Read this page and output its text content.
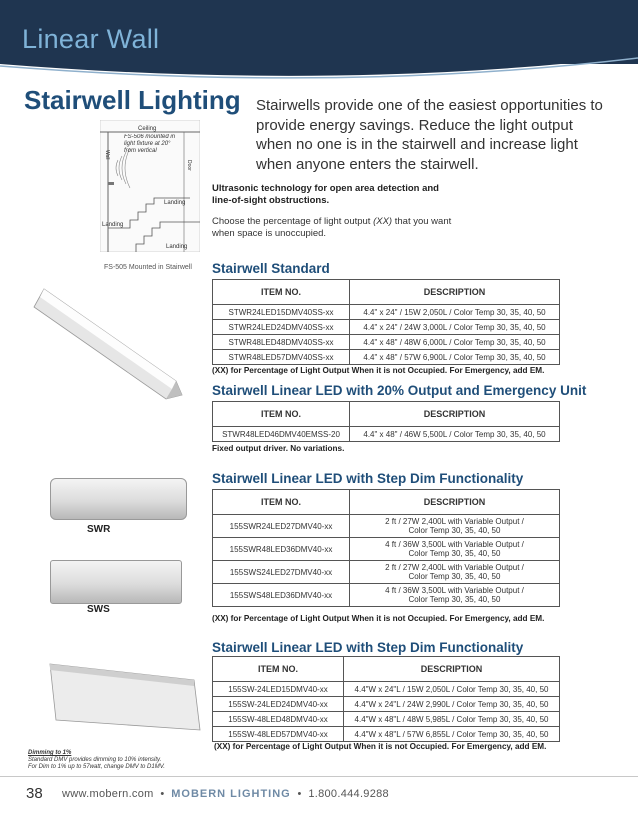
Linear Wall
Stairwell Lighting Stairwells provide one of the easiest opportunities to provide energy savings. Reduce the light output when no one is in the stairwell and increase light when anyone enters the stairwell.
Ultrasonic technology for open area detection and line-of-sight obstructions.
Choose the percentage of light output (XX) that you want when space is unoccupied.
Ceiling
Wall
Door
FS-506 mounted in light fixture at 20° from vertical
Landing
Landing
Landing
FS-505 Mounted in Stairwell
SWR
SWS
Stairwell Standard
ITEM NO.	DESCRIPTION
STWR24LED15DMV40SS-xx	4.4" x 24" / 15W 2,050L / Color Temp 30, 35, 40, 50
STWR24LED24DMV40SS-xx	4.4" x 24" / 24W 3,000L / Color Temp 30, 35, 40, 50
STWR48LED48DMV40SS-xx	4.4" x 48" / 48W 6,000L / Color Temp 30, 35, 40, 50
STWR48LED57DMV40SS-xx	4.4" x 48" / 57W 6,900L / Color Temp 30, 35, 40, 50
(XX) for Percentage of Light Output When it is not Occupied. For Emergency, add EM.
Stairwell Linear LED with 20% Output and Emergency Unit
ITEM NO.	DESCRIPTION
STWR48LED46DMV40EMSS-20	4.4" x 48" / 46W 5,500L / Color Temp 30, 35, 40, 50
Fixed output driver. No variations.
Stairwell Linear LED with Step Dim Functionality
ITEM NO.	DESCRIPTION
155SWR24LED27DMV40-xx	2 ft / 27W 2,400L with Variable Output /
Color Temp 30, 35, 40, 50

155SWR48LED36DMV40-xx	4 ft / 36W 3,500L with Variable Output /
Color Temp 30, 35, 40, 50

155SWS24LED27DMV40-xx	2 ft / 27W 2,400L with Variable Output /
Color Temp 30, 35, 40, 50

155SWS48LED36DMV40-xx	4 ft / 36W 3,500L with Variable Output /
Color Temp 30, 35, 40, 50
(XX) for Percentage of Light Output When it is not Occupied. For Emergency, add EM.
Stairwell Linear LED with Step Dim Functionality
ITEM NO.	DESCRIPTION
155SW-24LED15DMV40-xx	4.4"W x 24"L / 15W 2,050L / Color Temp 30, 35, 40, 50
155SW-24LED24DMV40-xx	4.4"W x 24"L / 24W 2,990L / Color Temp 30, 35, 40, 50
155SW-48LED48DMV40-xx	4.4"W x 48"L / 48W 5,985L / Color Temp 30, 35, 40, 50
155SW-48LED57DMV40-xx	4.4"W x 48"L / 57W 6,855L / Color Temp 30, 35, 40, 50
(XX) for Percentage of Light Output When it is not Occupied. For Emergency, add EM.
Dimming to 1%
Standard DMV provides dimming to 10% intensity.
For Dim to 1% up to 57watt, change DMV to D1MV.
38 www.mobern.com • MOBERN LIGHTING • 1.800.444.9288
